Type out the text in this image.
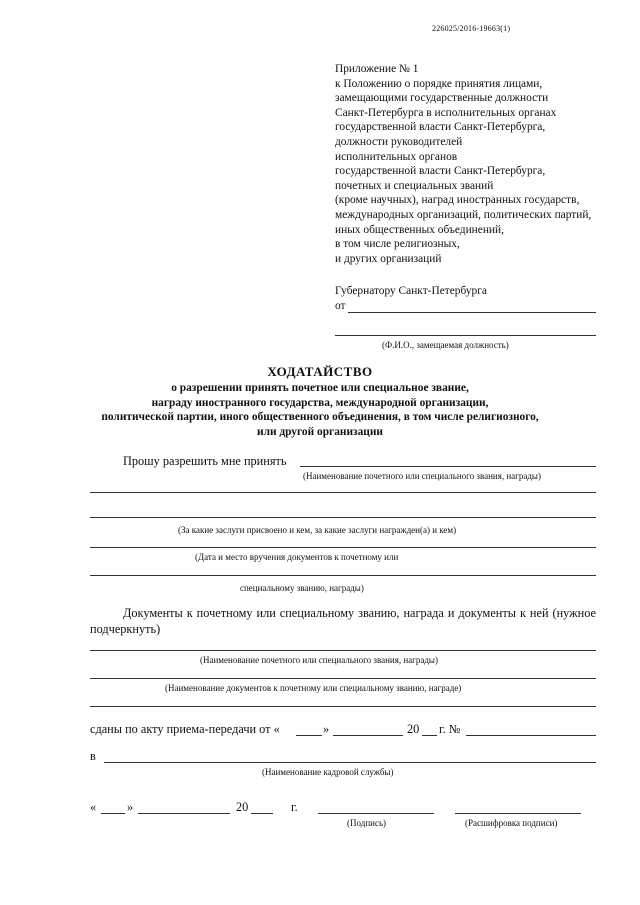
226025/2016-19663(1)
Приложение № 1
к Положению о порядке принятия лицами,
замещающими государственные должности
Санкт-Петербурга в исполнительных органах
государственной власти Санкт-Петербурга,
должности руководителей
исполнительных органов
государственной власти Санкт-Петербурга,
почетных и специальных званий
(кроме научных), наград иностранных государств,
международных организаций, политических партий,
иных общественных объединений,
в том числе религиозных,
и других организаций
Губернатору Санкт-Петербурга
от
(Ф.И.О., замещаемая должность)
ХОДАТАЙСТВО
о разрешении принять почетное или специальное звание,
награду иностранного государства, международной организации,
политической партии, иного общественного объединения, в том числе религиозного,
или другой организации
Прошу разрешить мне принять
(Наименование почетного или специального звания, награды)
(За какие заслуги присвоено и кем, за какие заслуги награжден(а) и кем)
(Дата и место вручения документов к почетному или
специальному званию, награды)
Документы к почетному или специальному званию, награда и документы к ней (нужное подчеркнуть)
(Наименование почетного или специального звания, награды)
(Наименование документов к почетному или специальному званию, награде)
сданы по акту приема-передачи от «	»	20 г. №
в
(Наименование кадровой службы)
«	»	20	г.
(Подпись)	(Расшифровка подписи)
